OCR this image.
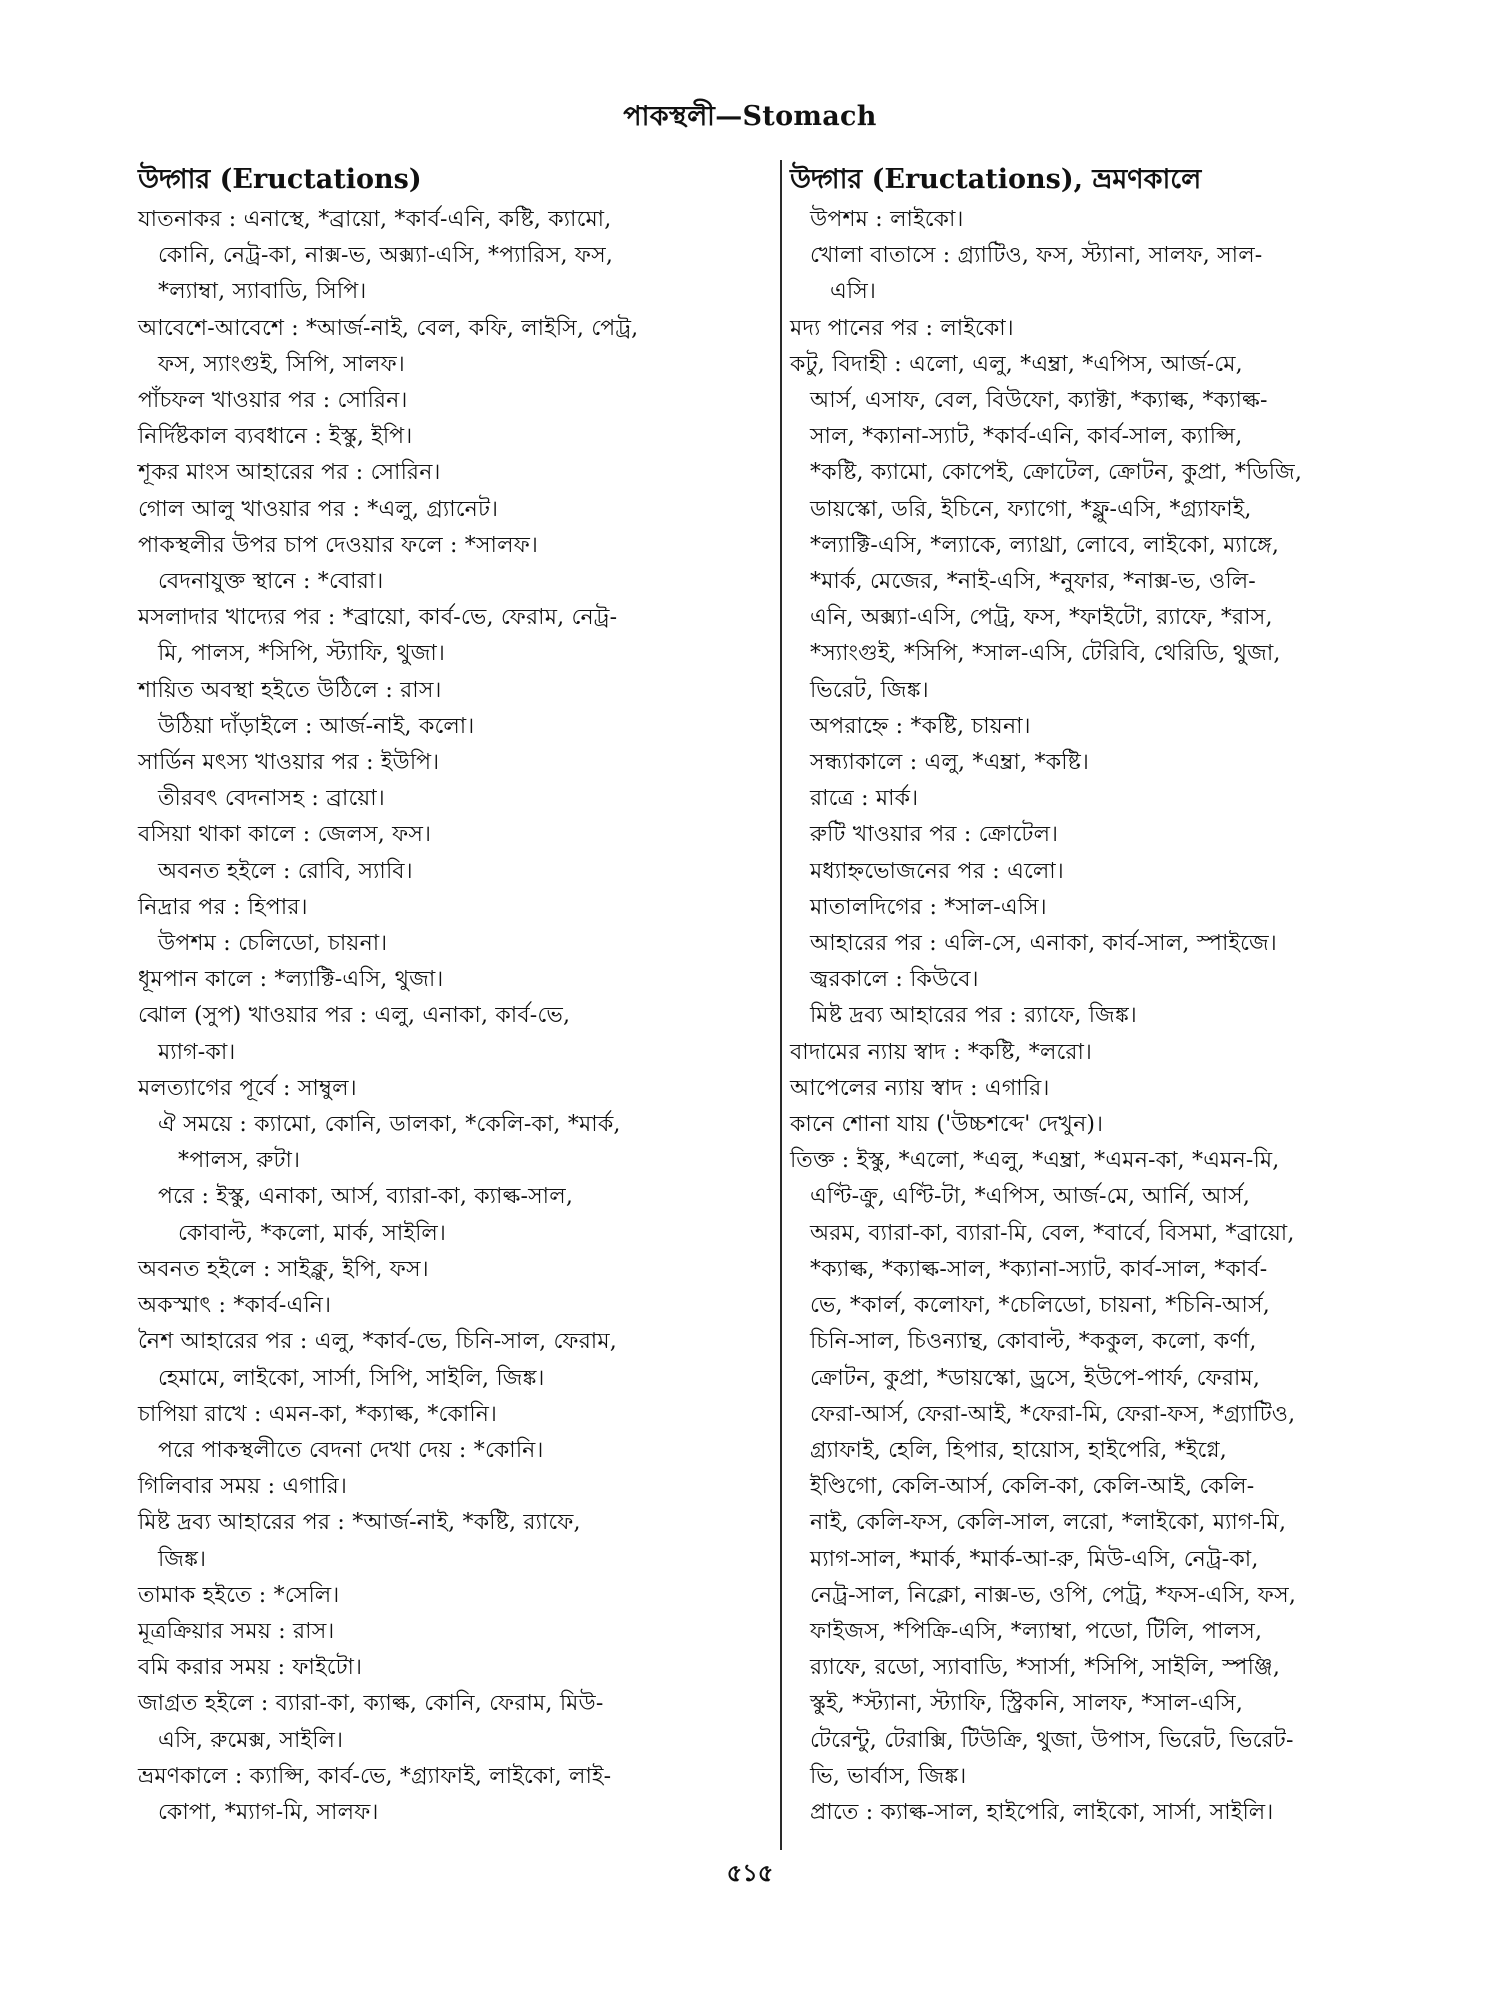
পাকস্থলী—Stomach
উদ্গার (Eructations)
যাতনাকর : এনাস্থে, *ব্রায়ো, *কার্ব-এনি, কষ্টি, ক্যামো,
কোনি, নেট্র-কা, নাক্স-ভ, অক্স্যা-এসি, *প্যারিস, ফস,
*ল্যাম্বা, স্যাবাডি, সিপি।
আবেশে-আবেশে : *আর্জ-নাই, বেল, কফি, লাইসি, পেট্র,
ফস, স্যাংগুই, সিপি, সালফ।
পাঁচফল খাওয়ার পর : সোরিন।
নির্দিষ্টকাল ব্যবধানে : ইস্কু, ইপি।
শূকর মাংস আহারের পর : সোরিন।
গোল আলু খাওয়ার পর : *এলু, গ্র্যানেট।
পাকস্থলীর উপর চাপ দেওয়ার ফলে : *সালফ।
বেদনাযুক্ত স্থানে : *বোরা।
মসলাদার খাদ্যের পর : *ব্রায়ো, কার্ব-ভে, ফেরাম, নেট্র-
মি, পালস, *সিপি, স্ট্যাফি, থুজা।
শায়িত অবস্থা হইতে উঠিলে : রাস।
উঠিয়া দাঁড়াইলে : আর্জ-নাই, কলো।
সার্ডিন মৎস্য খাওয়ার পর : ইউপি।
তীরবৎ বেদনাসহ : ব্রায়ো।
বসিয়া থাকা কালে : জেলস, ফস।
অবনত হইলে : রোবি, স্যাবি।
নিদ্রার পর : হিপার।
উপশম : চেলিডো, চায়না।
ধূমপান কালে : *ল্যাক্টি-এসি, থুজা।
ঝোল (সুপ) খাওয়ার পর : এলু, এনাকা, কার্ব-ভে,
ম্যাগ-কা।
মলত্যাগের পূর্বে : সাম্বুল।
ঐ সময়ে : ক্যামো, কোনি, ডালকা, *কেলি-কা, *মার্ক,
*পালস, রুটা।
পরে : ইস্কু, এনাকা, আর্স, ব্যারা-কা, ক্যাল্ক-সাল,
কোবাল্ট, *কলো, মার্ক, সাইলি।
অবনত হইলে : সাইক্লু, ইপি, ফস।
অকস্মাৎ : *কার্ব-এনি।
নৈশ আহারের পর : এলু, *কার্ব-ভে, চিনি-সাল, ফেরাম,
হেমামে, লাইকো, সার্সা, সিপি, সাইলি, জিঙ্ক।
চাপিয়া রাখে : এমন-কা, *ক্যাল্ক, *কোনি।
পরে পাকস্থলীতে বেদনা দেখা দেয় : *কোনি।
গিলিবার সময় : এগারি।
মিষ্ট দ্রব্য আহারের পর : *আর্জ-নাই, *কষ্টি, র‍্যাফে,
জিঙ্ক।
তামাক হইতে : *সেলি।
মূত্রক্রিয়ার সময় : রাস।
বমি করার সময় : ফাইটো।
জাগ্রত হইলে : ব্যারা-কা, ক্যাল্ক, কোনি, ফেরাম, মিউ-
এসি, রুমেক্স, সাইলি।
ভ্রমণকালে : ক্যাপ্সি, কার্ব-ভে, *গ্র্যাফাই, লাইকো, লাই-
কোপা, *ম্যাগ-মি, সালফ।
উদ্গার (Eructations), ভ্রমণকালে
উপশম : লাইকো।
খোলা বাতাসে : গ্র্যাটিও, ফস, স্ট্যানা, সালফ, সাল-
এসি।
মদ্য পানের পর : লাইকো।
কটু, বিদাহী : এলো, এলু, *এম্ব্রা, *এপিস, আর্জ-মে,
আর্স, এসাফ, বেল, বিউফো, ক্যাক্টা, *ক্যাল্ক, *ক্যাল্ক-
সাল, *ক্যানা-স্যাট, *কার্ব-এনি, কার্ব-সাল, ক্যাপ্সি,
*কষ্টি, ক্যামো, কোপেই, ক্রোটেল, ক্রোটন, কুপ্রা, *ডিজি,
ডায়স্কো, ডরি, ইচিনে, ফ্যাগো, *ফ্লু-এসি, *গ্র্যাফাই,
*ল্যাক্টি-এসি, *ল্যাকে, ল্যাথ্রা, লোবে, লাইকো, ম্যাঙ্গে,
*মার্ক, মেজের, *নাই-এসি, *নুফার, *নাক্স-ভ, ওলি-
এনি, অক্স্যা-এসি, পেট্র, ফস, *ফাইটো, র‍্যাফে, *রাস,
*স্যাংগুই, *সিপি, *সাল-এসি, টেরিবি, থেরিডি, থুজা,
ভিরেট, জিঙ্ক।
অপরাহ্নে : *কষ্টি, চায়না।
সন্ধ্যাকালে : এলু, *এম্ব্রা, *কষ্টি।
রাত্রে : মার্ক।
রুটি খাওয়ার পর : ক্রোটেল।
মধ্যাহ্নভোজনের পর : এলো।
মাতালদিগের : *সাল-এসি।
আহারের পর : এলি-সে, এনাকা, কার্ব-সাল, স্পাইজে।
জ্বরকালে : কিউবে।
মিষ্ট দ্রব্য আহারের পর : র‍্যাফে, জিঙ্ক।
বাদামের ন্যায় স্বাদ : *কষ্টি, *লরো।
আপেলের ন্যায় স্বাদ : এগারি।
কানে শোনা যায় ('উচ্চশব্দে' দেখুন)।
তিক্ত : ইস্কু, *এলো, *এলু, *এম্ব্রা, *এমন-কা, *এমন-মি,
এণ্টি-ক্রু, এণ্টি-টা, *এপিস, আর্জ-মে, আর্নি, আর্স,
অরম, ব্যারা-কা, ব্যারা-মি, বেল, *বার্বে, বিসমা, *ব্রায়ো,
*ক্যাল্ক, *ক্যাল্ক-সাল, *ক্যানা-স্যাট, কার্ব-সাল, *কার্ব-
ভে, *কার্ল, কলোফা, *চেলিডো, চায়না, *চিনি-আর্স,
চিনি-সাল, চিওন্যান্থ, কোবাল্ট, *ককুল, কলো, কর্ণা,
ক্রোটন, কুপ্রা, *ডায়স্কো, ড্রসে, ইউপে-পার্ফ, ফেরাম,
ফেরা-আর্স, ফেরা-আই, *ফেরা-মি, ফেরা-ফস, *গ্র্যাটিও,
গ্র্যাফাই, হেলি, হিপার, হায়োস, হাইপেরি, *ইগ্নে,
ইণ্ডিগো, কেলি-আর্স, কেলি-কা, কেলি-আই, কেলি-
নাই, কেলি-ফস, কেলি-সাল, লরো, *লাইকো, ম্যাগ-মি,
ম্যাগ-সাল, *মার্ক, *মার্ক-আ-রু, মিউ-এসি, নেট্র-কা,
নেট্র-সাল, নিক্লো, নাক্স-ভ, ওপি, পেট্র, *ফস-এসি, ফস,
ফাইজস, *পিক্রি-এসি, *ল্যাম্বা, পডো, টিলি, পালস,
র‍্যাফে, রডো, স্যাবাডি, *সার্সা, *সিপি, সাইলি, স্পঞ্জি,
স্কুই, *স্ট্যানা, স্ট্যাফি, স্ট্রিকনি, সালফ, *সাল-এসি,
টেরেন্টু, টেরাক্সি, টিউক্রি, থুজা, উপাস, ভিরেট, ভিরেট-
ভি, ভার্বাস, জিঙ্ক।
প্রাতে : ক্যাল্ক-সাল, হাইপেরি, লাইকো, সার্সা, সাইলি।
৫১৫
